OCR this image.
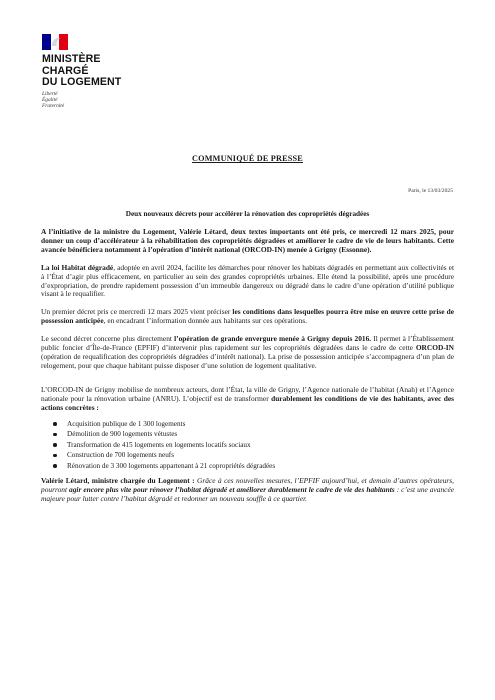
MINISTÈRE
CHARGÉ
DU LOGEMENT
Liberté
Égalité
Fraternité
COMMUNIQUÉ DE PRESSE
Paris, le 13/03/2025
Deux nouveaux décrets pour accélérer la rénovation des copropriétés dégradées

A l’initiative de la ministre du Logement, Valérie Létard, deux textes importants ont été pris, ce mercredi 12 mars 2025, pour donner un coup d’accélérateur à la réhabilitation des copropriétés dégradées et améliorer le cadre de vie de leurs habitants. Cette avancée bénéficiera notamment à l’opération d’intérêt national (ORCOD-IN) menée à Grigny (Essonne).

La loi Habitat dégradé, adoptée en avril 2024, facilite les démarches pour rénover les habitats dégradés en permettant aux collectivités et à l’État d’agir plus efficacement, en particulier au sein des grandes copropriétés urbaines. Elle étend la possibilité, après une procédure d’expropriation, de prendre rapidement possession d’un immeuble dangereux ou dégradé dans le cadre d’une opération d’utilité publique visant à le requalifier.

Un premier décret pris ce mercredi 12 mars 2025 vient préciser les conditions dans lesquelles pourra être mise en œuvre cette prise de possession anticipée, en encadrant l’information donnée aux habitants sur ces opérations.

Le second décret concerne plus directement l’opération de grande envergure menée à Grigny depuis 2016. Il permet à l’Établissement public foncier d’Île-de-France (EPFIF) d’intervenir plus rapidement sur les copropriétés dégradées dans le cadre de cette ORCOD-IN (opération de requalification des copropriétés dégradées d’intérêt national). La prise de possession anticipée s’accompagnera d’un plan de relogement, pour que chaque habitant puisse disposer d’une solution de logement qualitative.

L’ORCOD-IN de Grigny mobilise de nombreux acteurs, dont l’État, la ville de Grigny, l’Agence nationale de l’habitat (Anah) et l’Agence nationale pour la rénovation urbaine (ANRU). L’objectif est de transformer durablement les conditions de vie des habitants, avec des actions concrètes :

Acquisition publique de 1 300 logements
Démolition de 900 logements vétustes
Transformation de 415 logements en logements locatifs sociaux
Construction de 700 logements neufs
Rénovation de 3 300 logements appartenant à 21 copropriétés dégradées

Valérie Létard, ministre chargée du Logement : Grâce à ces nouvelles mesures, l’EPFIF aujourd’hui, et demain d’autres opérateurs, pourront agir encore plus vite pour rénover l’habitat dégradé et améliorer durablement le cadre de vie des habitants : c’est une avancée majeure pour lutter contre l’habitat dégradé et redonner un nouveau souffle à ce quartier.
